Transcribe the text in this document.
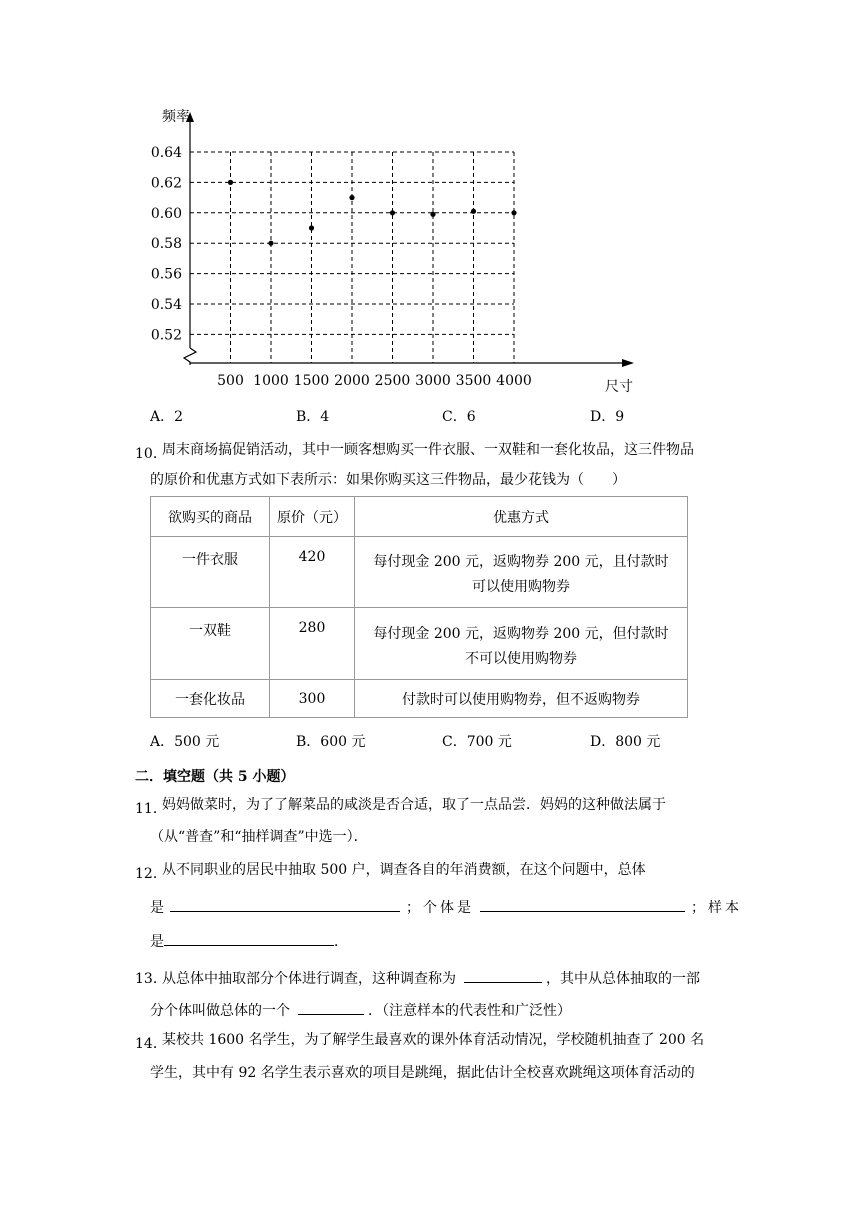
频率
尺寸
0.64
0.62
0.60
0.58
0.56
0.54
0.52
500 1000 1500 2000 2500 3000 3500 4000
A．2	B．4	C．6	D．9
10．
周末商场搞促销活动，其中一顾客想购买一件衣服、一双鞋和一套化妆品，这三件物品
的原价和优惠方式如下表所示：如果你购买这三件物品，最少花钱为（　　）
欲购买的商品	原价（元）	优惠方式
一件衣服	420	每付现金 200 元，返购物券 200 元，且付款时
可以使用购物券

一双鞋	280	每付现金 200 元，返购物券 200 元，但付款时
不可以使用购物券

一套化妆品	300	付款时可以使用购物券，但不返购物券
A．500 元	B．600 元	C．700 元	D．800 元
二．填空题（共 5 小题）
11．
妈妈做菜时，为了了解菜品的咸淡是否合适，取了一点品尝．妈妈的这种做法属于
（从“普查”和“抽样调查”中选一）．
12．
从不同职业的居民中抽取 500 户，调查各自的年消费额，在这个问题中，总体
是	；个体是	；样本
是	．
13．
从总体中抽取部分个体进行调查，这种调查称为	，其中从总体抽取的一部
分个体叫做总体的一个	．（注意样本的代表性和广泛性）
14．
某校共 1600 名学生，为了解学生最喜欢的课外体育活动情况，学校随机抽查了 200 名
学生，其中有 92 名学生表示喜欢的项目是跳绳，据此估计全校喜欢跳绳这项体育活动的
